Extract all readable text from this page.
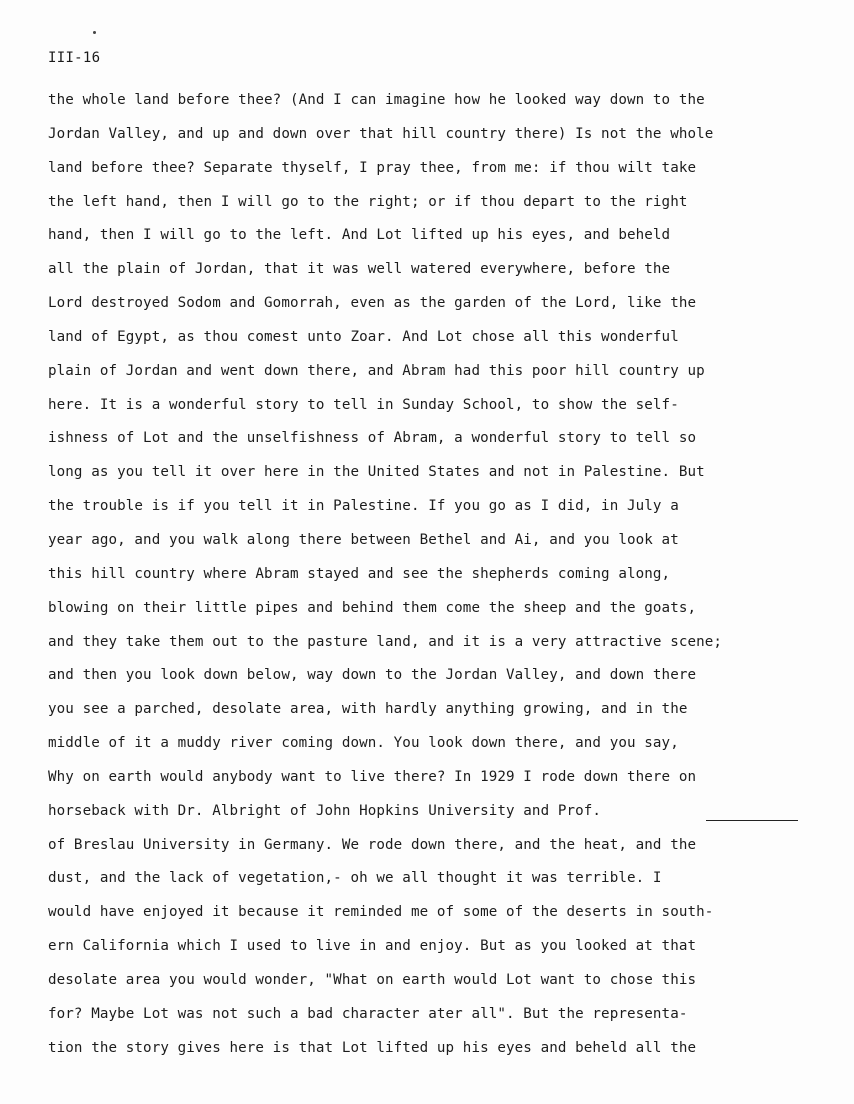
III-16
the whole land before thee? (And I can imagine how he looked way down to the
Jordan Valley, and up and down over that hill country there) Is not the whole
land before thee? Separate thyself, I pray thee, from me: if thou wilt take
the left hand, then I will go to the right; or if thou depart to the right
hand, then I will go to the left. And Lot lifted up his eyes, and beheld
all the plain of Jordan, that it was well watered everywhere, before the
Lord destroyed Sodom and Gomorrah, even as the garden of the Lord, like the
land of Egypt, as thou comest unto Zoar. And Lot chose all this wonderful
plain of Jordan and went down there, and Abram had this poor hill country up
here. It is a wonderful story to tell in Sunday School, to show the self-
ishness of Lot and the unselfishness of Abram, a wonderful story to tell so
long as you tell it over here in the United States and not in Palestine. But
the trouble is if you tell it in Palestine. If you go as I did, in July a
year ago, and you walk along there between Bethel and Ai, and you look at
this hill country where Abram stayed and see the shepherds coming along,
blowing on their little pipes and behind them come the sheep and the goats,
and they take them out to the pasture land, and it is a very attractive scene;
and then you look down below, way down to the Jordan Valley, and down there
you see a parched, desolate area, with hardly anything growing, and in the
middle of it a muddy river coming down. You look down there, and you say,
Why on earth would anybody want to live there? In 1929 I rode down there on
horseback with Dr. Albright of John Hopkins University and Prof.
of Breslau University in Germany. We rode down there, and the heat, and the
dust, and the lack of vegetation,- oh we all thought it was terrible. I
would have enjoyed it because it reminded me of some of the deserts in south-
ern California which I used to live in and enjoy. But as you looked at that
desolate area you would wonder, "What on earth would Lot want to chose this
for? Maybe Lot was not such a bad character ater all". But the representa-
tion the story gives here is that Lot lifted up his eyes and beheld all the
